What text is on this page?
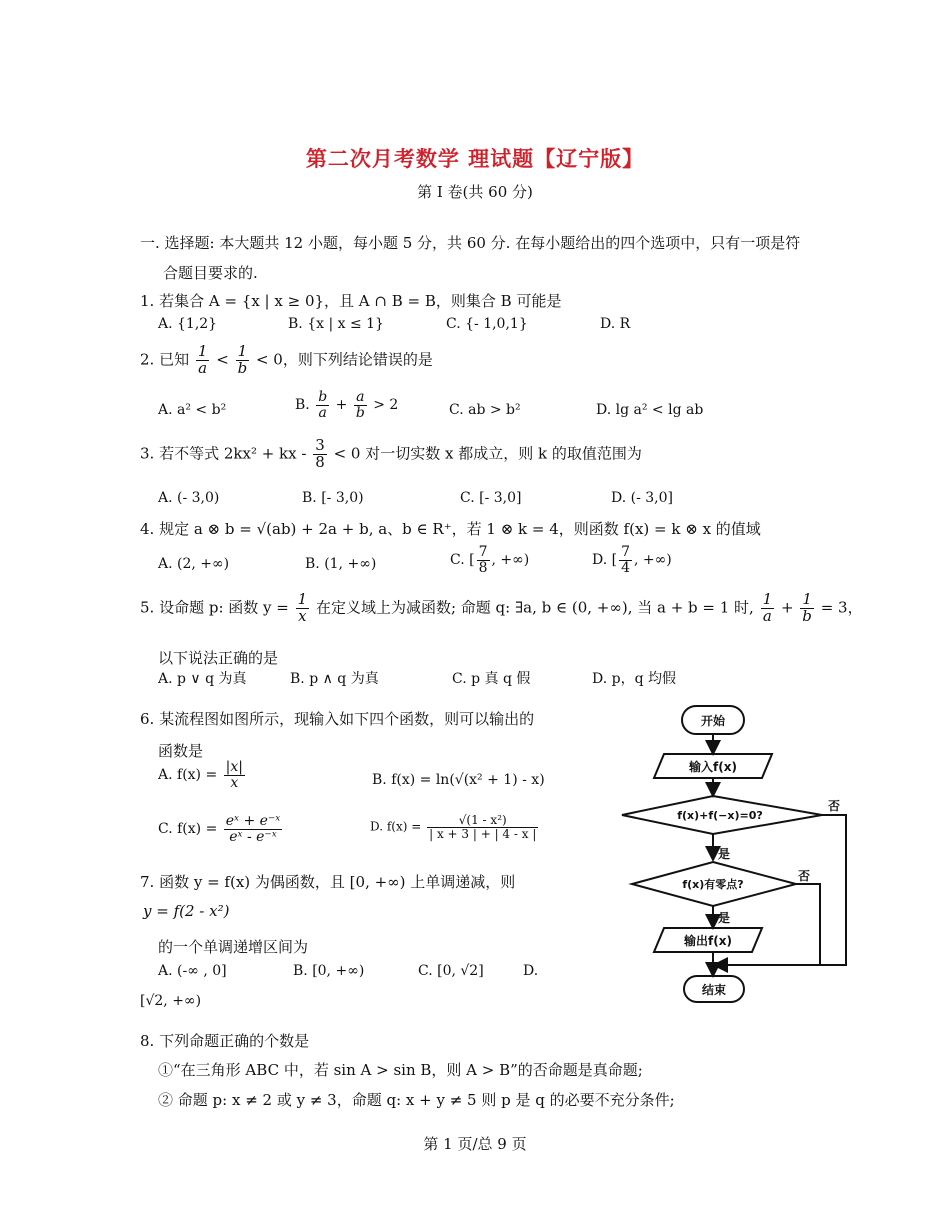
第二次月考数学 理试题【辽宁版】
第 I 卷(共 60 分)
一. 选择题: 本大题共 12 小题，每小题 5 分，共 60 分. 在每小题给出的四个选项中，只有一项是符
合题目要求的.
1. 若集合 A = {x | x ≥ 0}，且 A ∩ B = B，则集合 B 可能是
A. {1,2}	B. {x | x ≤ 1}	C. {- 1,0,1}	D. R
2. 已知 $\frac{1}{a} < \frac{1}{b} < 0$，则下列结论错误的是
A. a² < b²	B. $\frac{b}{a} + \frac{a}{b} > 2$	C. ab > b²	D. lg a² < lg ab
3. 若不等式 2kx² + kx - $\frac{3}{8} < 0$ 对一切实数 x 都成立，则 k 的取值范围为
A. (- 3,0)	B. [- 3,0)	C. [- 3,0]	D. (- 3,0]
4. 规定 a ⊗ b = √(ab) + 2a + b, a、b ∈ R⁺，若 1 ⊗ k = 4，则函数 f(x) = k ⊗ x 的值域
A. (2, +∞)	B. (1, +∞)	C. [ $\frac{7}{8}$ , +∞)	D. [ $\frac{7}{4}$ , +∞)
5. 设命题 p: 函数 $y = \frac{1}{x}$ 在定义域上为减函数; 命题 q: ∃a, b ∈ (0, +∞), 当 a + b = 1 时, $\frac{1}{a} + \frac{1}{b} = 3$，
以下说法正确的是
A. p ∨ q 为真	B. p ∧ q 为真	C. p 真 q 假	D. p，q 均假
6. 某流程图如图所示，现输入如下四个函数，则可以输出的
函数是
A. $f(x) = \frac{|x|}{x}$	B. f(x) = ln(√(x² + 1) - x)
C. $f(x) = \frac{\text{eˣ + e⁻ˣ}}{\text{eˣ - e⁻ˣ}}$	D. $f(x) = \frac{\text{√(1 - x²)}}{| x + 3 | + | 4 - x |}$
7. 函数 y = f(x) 为偶函数，且 [0, +∞) 上单调递减，则
y = f(2 - x²)
的一个单调递增区间为
A. (-∞ , 0]	B. [0, +∞)	C. [0, √2]	D.
[√2, +∞)
8. 下列命题正确的个数是
①“在三角形 ABC 中，若 sin A > sin B，则 A > B”的否命题是真命题;
② 命题 p: x ≠ 2 或 y ≠ 3，命题 q: x + y ≠ 5 则 p 是 q 的必要不充分条件;
开始
输入f(x)
f(x)+f(−x)=0?
f(x)有零点?
输出f(x)
结束
是
否
是
否
第 1 页/总 9 页
